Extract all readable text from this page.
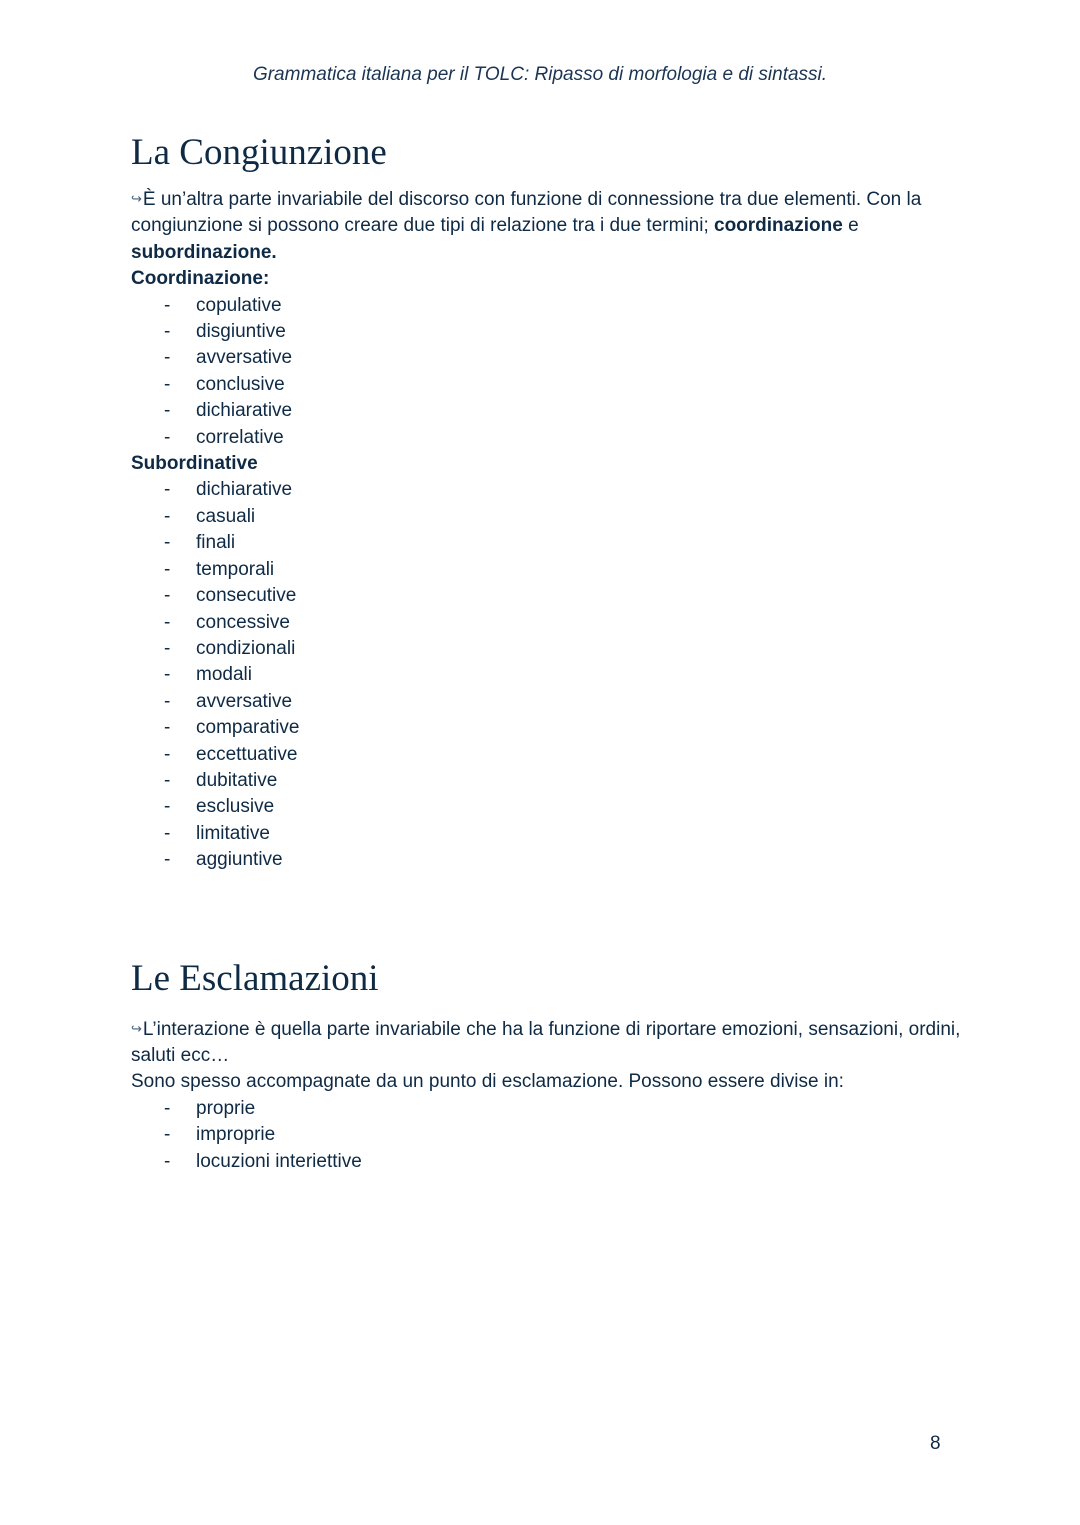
Grammatica italiana per il TOLC: Ripasso di morfologia e di sintassi.
La Congiunzione

↪È un’altra parte invariabile del discorso con funzione di connessione tra due elementi. Con la congiunzione si possono creare due tipi di relazione tra i due termini; coordinazione e subordinazione.

Coordinazione:

- copulative
- disgiuntive
- avversative
- conclusive
- dichiarative
- correlative

Subordinative

- dichiarative
- casuali
- finali
- temporali
- consecutive
- concessive
- condizionali
- modali
- avversative
- comparative
- eccettuative
- dubitative
- esclusive
- limitative
- aggiuntive
Le Esclamazioni

↪L’interazione è quella parte invariabile che ha la funzione di riportare emozioni, sensazioni, ordini, saluti ecc…

Sono spesso accompagnate da un punto di esclamazione. Possono essere divise in:

- proprie
- improprie
- locuzioni interiettive
8
